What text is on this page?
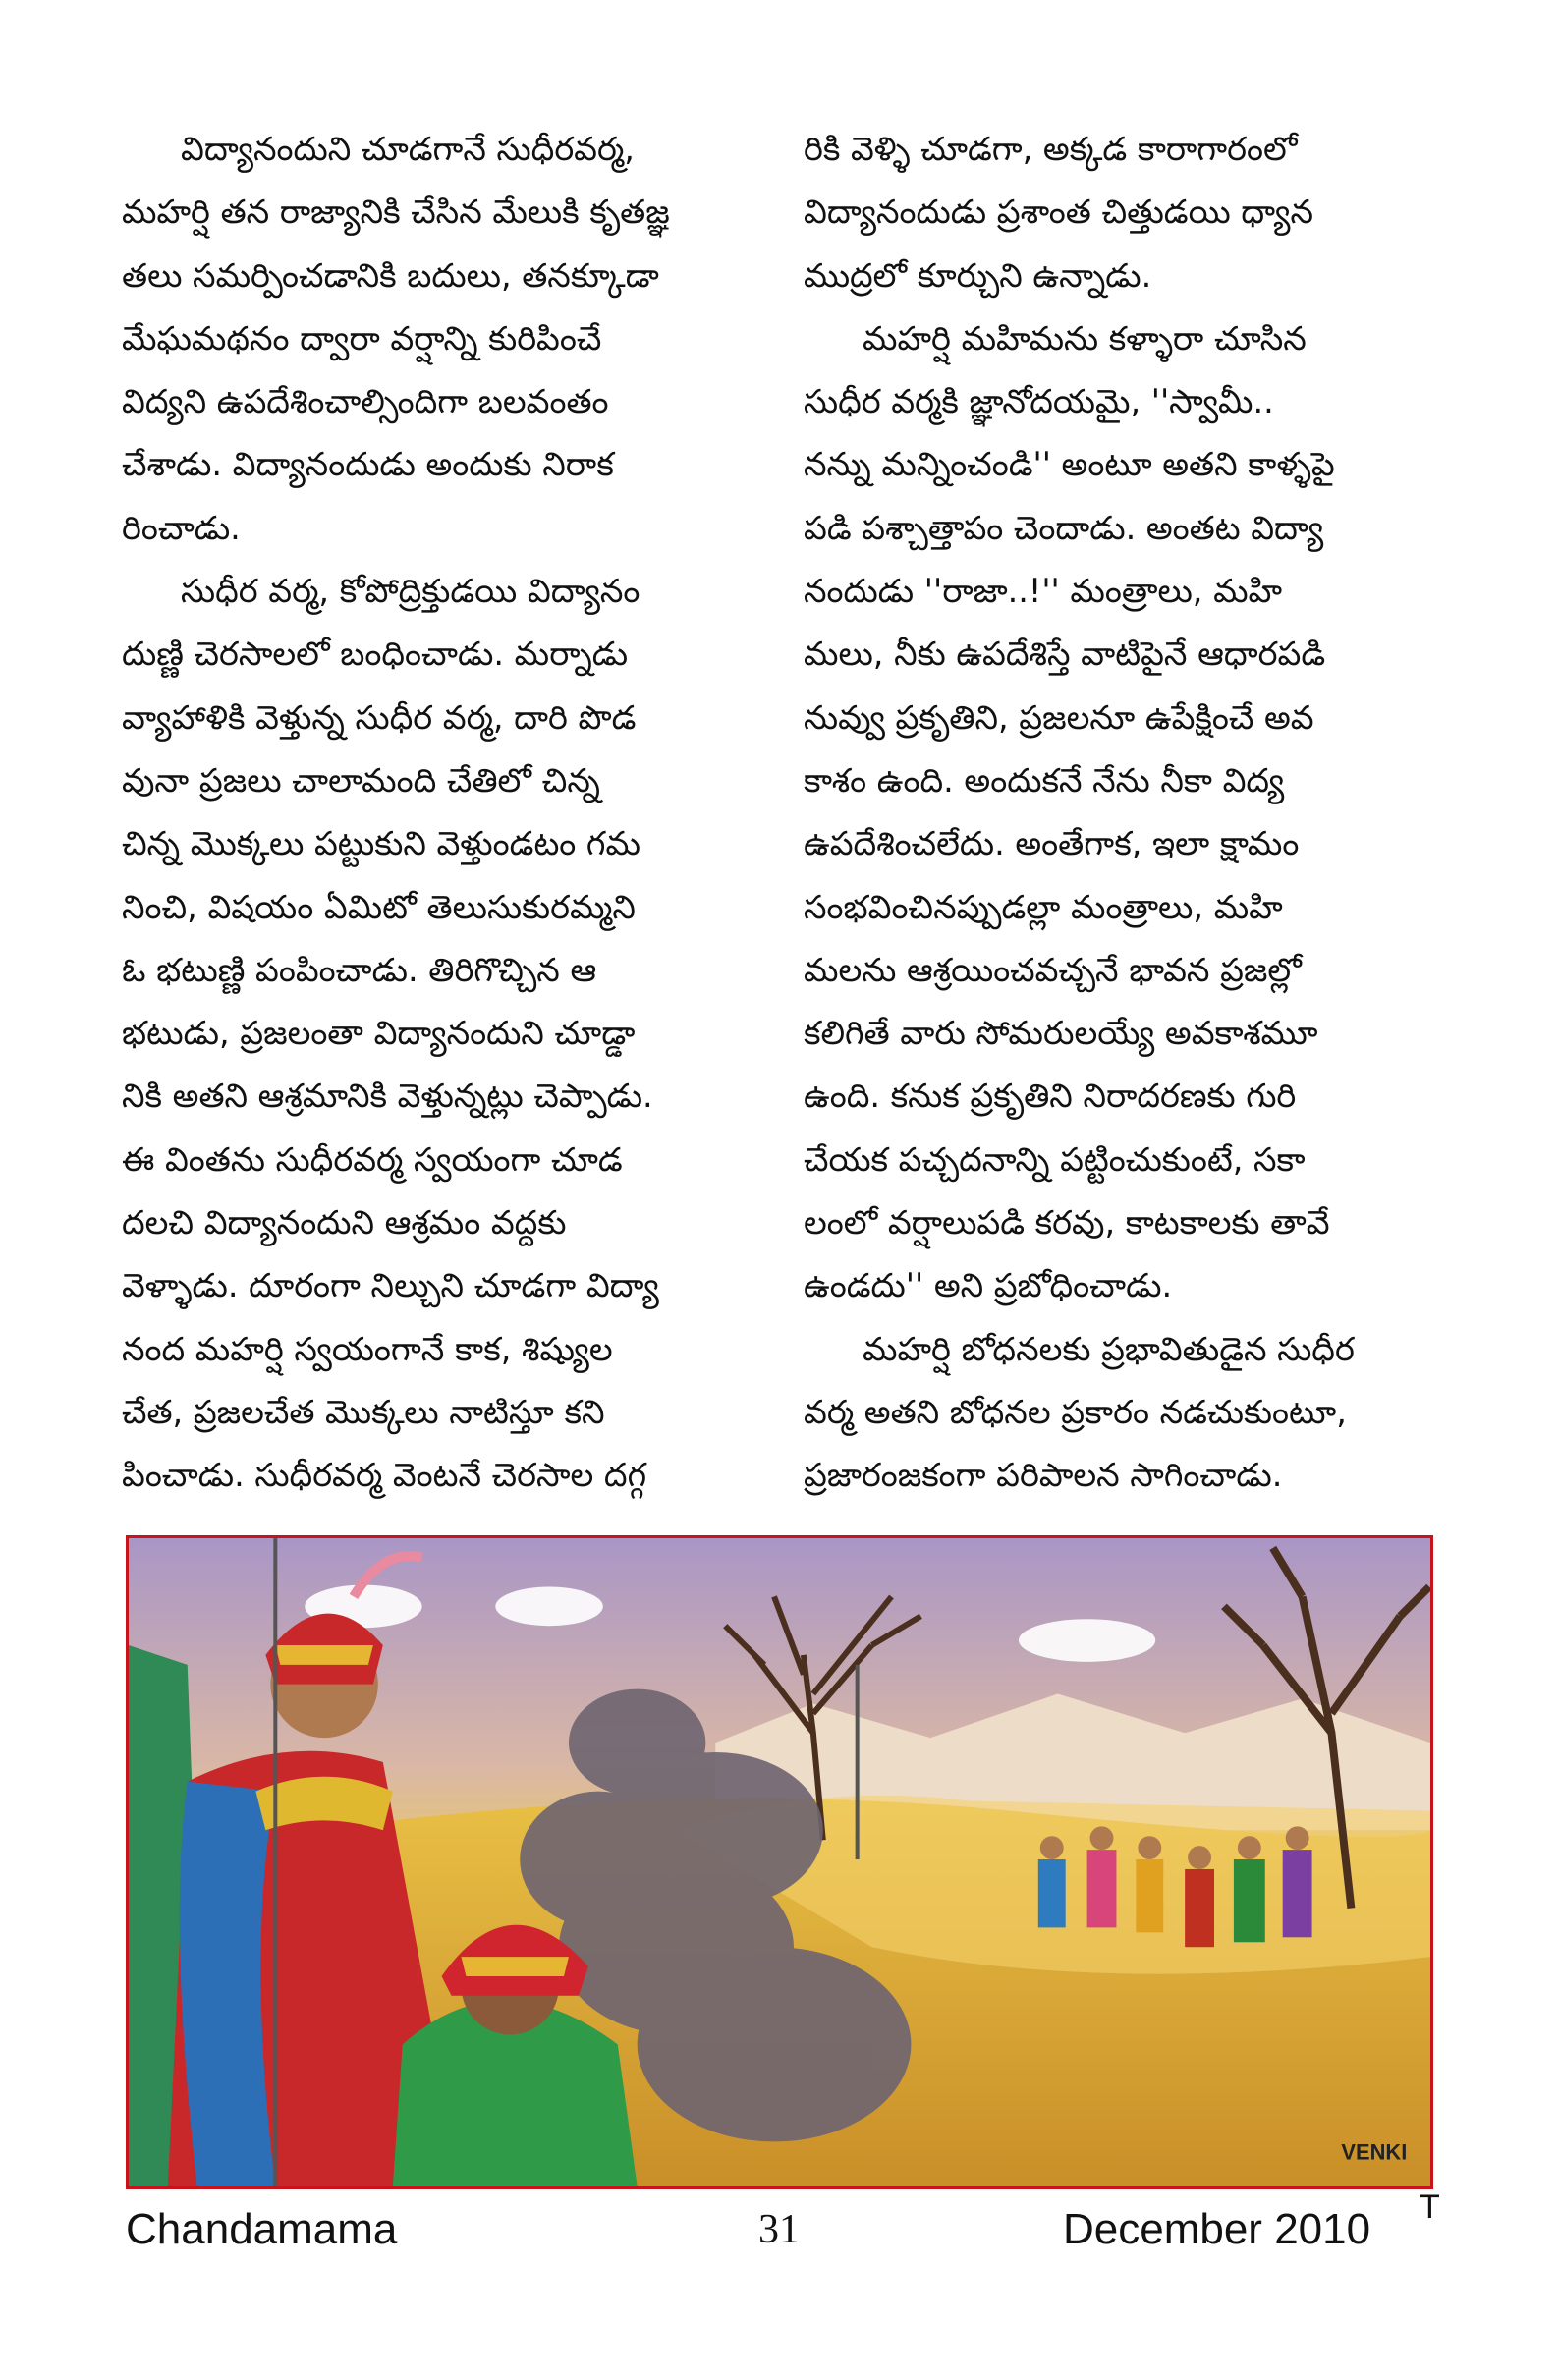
విద్యానందుని చూడగానే సుధీరవర్మ,
మహర్షి తన రాజ్యానికి చేసిన మేలుకి కృతజ్ఞ
తలు సమర్పించడానికి బదులు, తనక్కూడా
మేఘమథనం ద్వారా వర్షాన్ని కురిపించే
విద్యని ఉపదేశించాల్సిందిగా బలవంతం
చేశాడు. విద్యానందుడు అందుకు నిరాక
రించాడు.

సుధీర వర్మ, కోపోద్రిక్తుడయి విద్యానం
దుణ్ణి చెరసాలలో బంధించాడు. మర్నాడు
వ్యాహాళికి వెళ్తున్న సుధీర వర్మ, దారి పొడ
వునా ప్రజలు చాలామంది చేతిలో చిన్న
చిన్న మొక్కలు పట్టుకుని వెళ్తుండటం గమ
నించి, విషయం ఏమిటో తెలుసుకురమ్మని
ఓ భటుణ్ణి పంపించాడు. తిరిగొచ్చిన ఆ
భటుడు, ప్రజలంతా విద్యానందుని చూడ్డా
నికి అతని ఆశ్రమానికి వెళ్తున్నట్లు చెప్పాడు.
ఈ వింతను సుధీరవర్మ స్వయంగా చూడ
దలచి విద్యానందుని ఆశ్రమం వద్దకు
వెళ్ళాడు. దూరంగా నిల్చుని చూడగా విద్యా
నంద మహర్షి స్వయంగానే కాక, శిష్యుల
చేత, ప్రజలచేత మొక్కలు నాటిస్తూ కని
పించాడు. సుధీరవర్మ వెంటనే చెరసాల దగ్గ

రికి వెళ్ళి చూడగా, అక్కడ కారాగారంలో
విద్యానందుడు ప్రశాంత చిత్తుడయి ధ్యాన
ముద్రలో కూర్చుని ఉన్నాడు.

మహర్షి మహిమను కళ్ళారా చూసిన
సుధీర వర్మకి జ్ఞానోదయమై, ''స్వామీ..
నన్ను మన్నించండి'' అంటూ అతని కాళ్ళపై
పడి పశ్చాత్తాపం చెందాడు. అంతట విద్యా
నందుడు ''రాజా..!'' మంత్రాలు, మహి
మలు, నీకు ఉపదేశిస్తే వాటిపైనే ఆధారపడి
నువ్వు ప్రకృతిని, ప్రజలనూ ఉపేక్షించే అవ
కాశం ఉంది. అందుకనే నేను నీకా విద్య
ఉపదేశించలేదు. అంతేగాక, ఇలా క్షామం
సంభవించినప్పుడల్లా మంత్రాలు, మహి
మలను ఆశ్రయించవచ్చనే భావన ప్రజల్లో
కలిగితే వారు సోమరులయ్యే అవకాశమూ
ఉంది. కనుక ప్రకృతిని నిరాదరణకు గురి
చేయక పచ్చదనాన్ని పట్టించుకుంటే, సకా
లంలో వర్షాలుపడి కరవు, కాటకాలకు తావే
ఉండదు'' అని ప్రబోధించాడు.

మహర్షి బోధనలకు ప్రభావితుడైన సుధీర
వర్మ అతని బోధనల ప్రకారం నడచుకుంటూ,
ప్రజారంజకంగా పరిపాలన సాగించాడు.

VENKI
Chandamama	31	December 2010 T
